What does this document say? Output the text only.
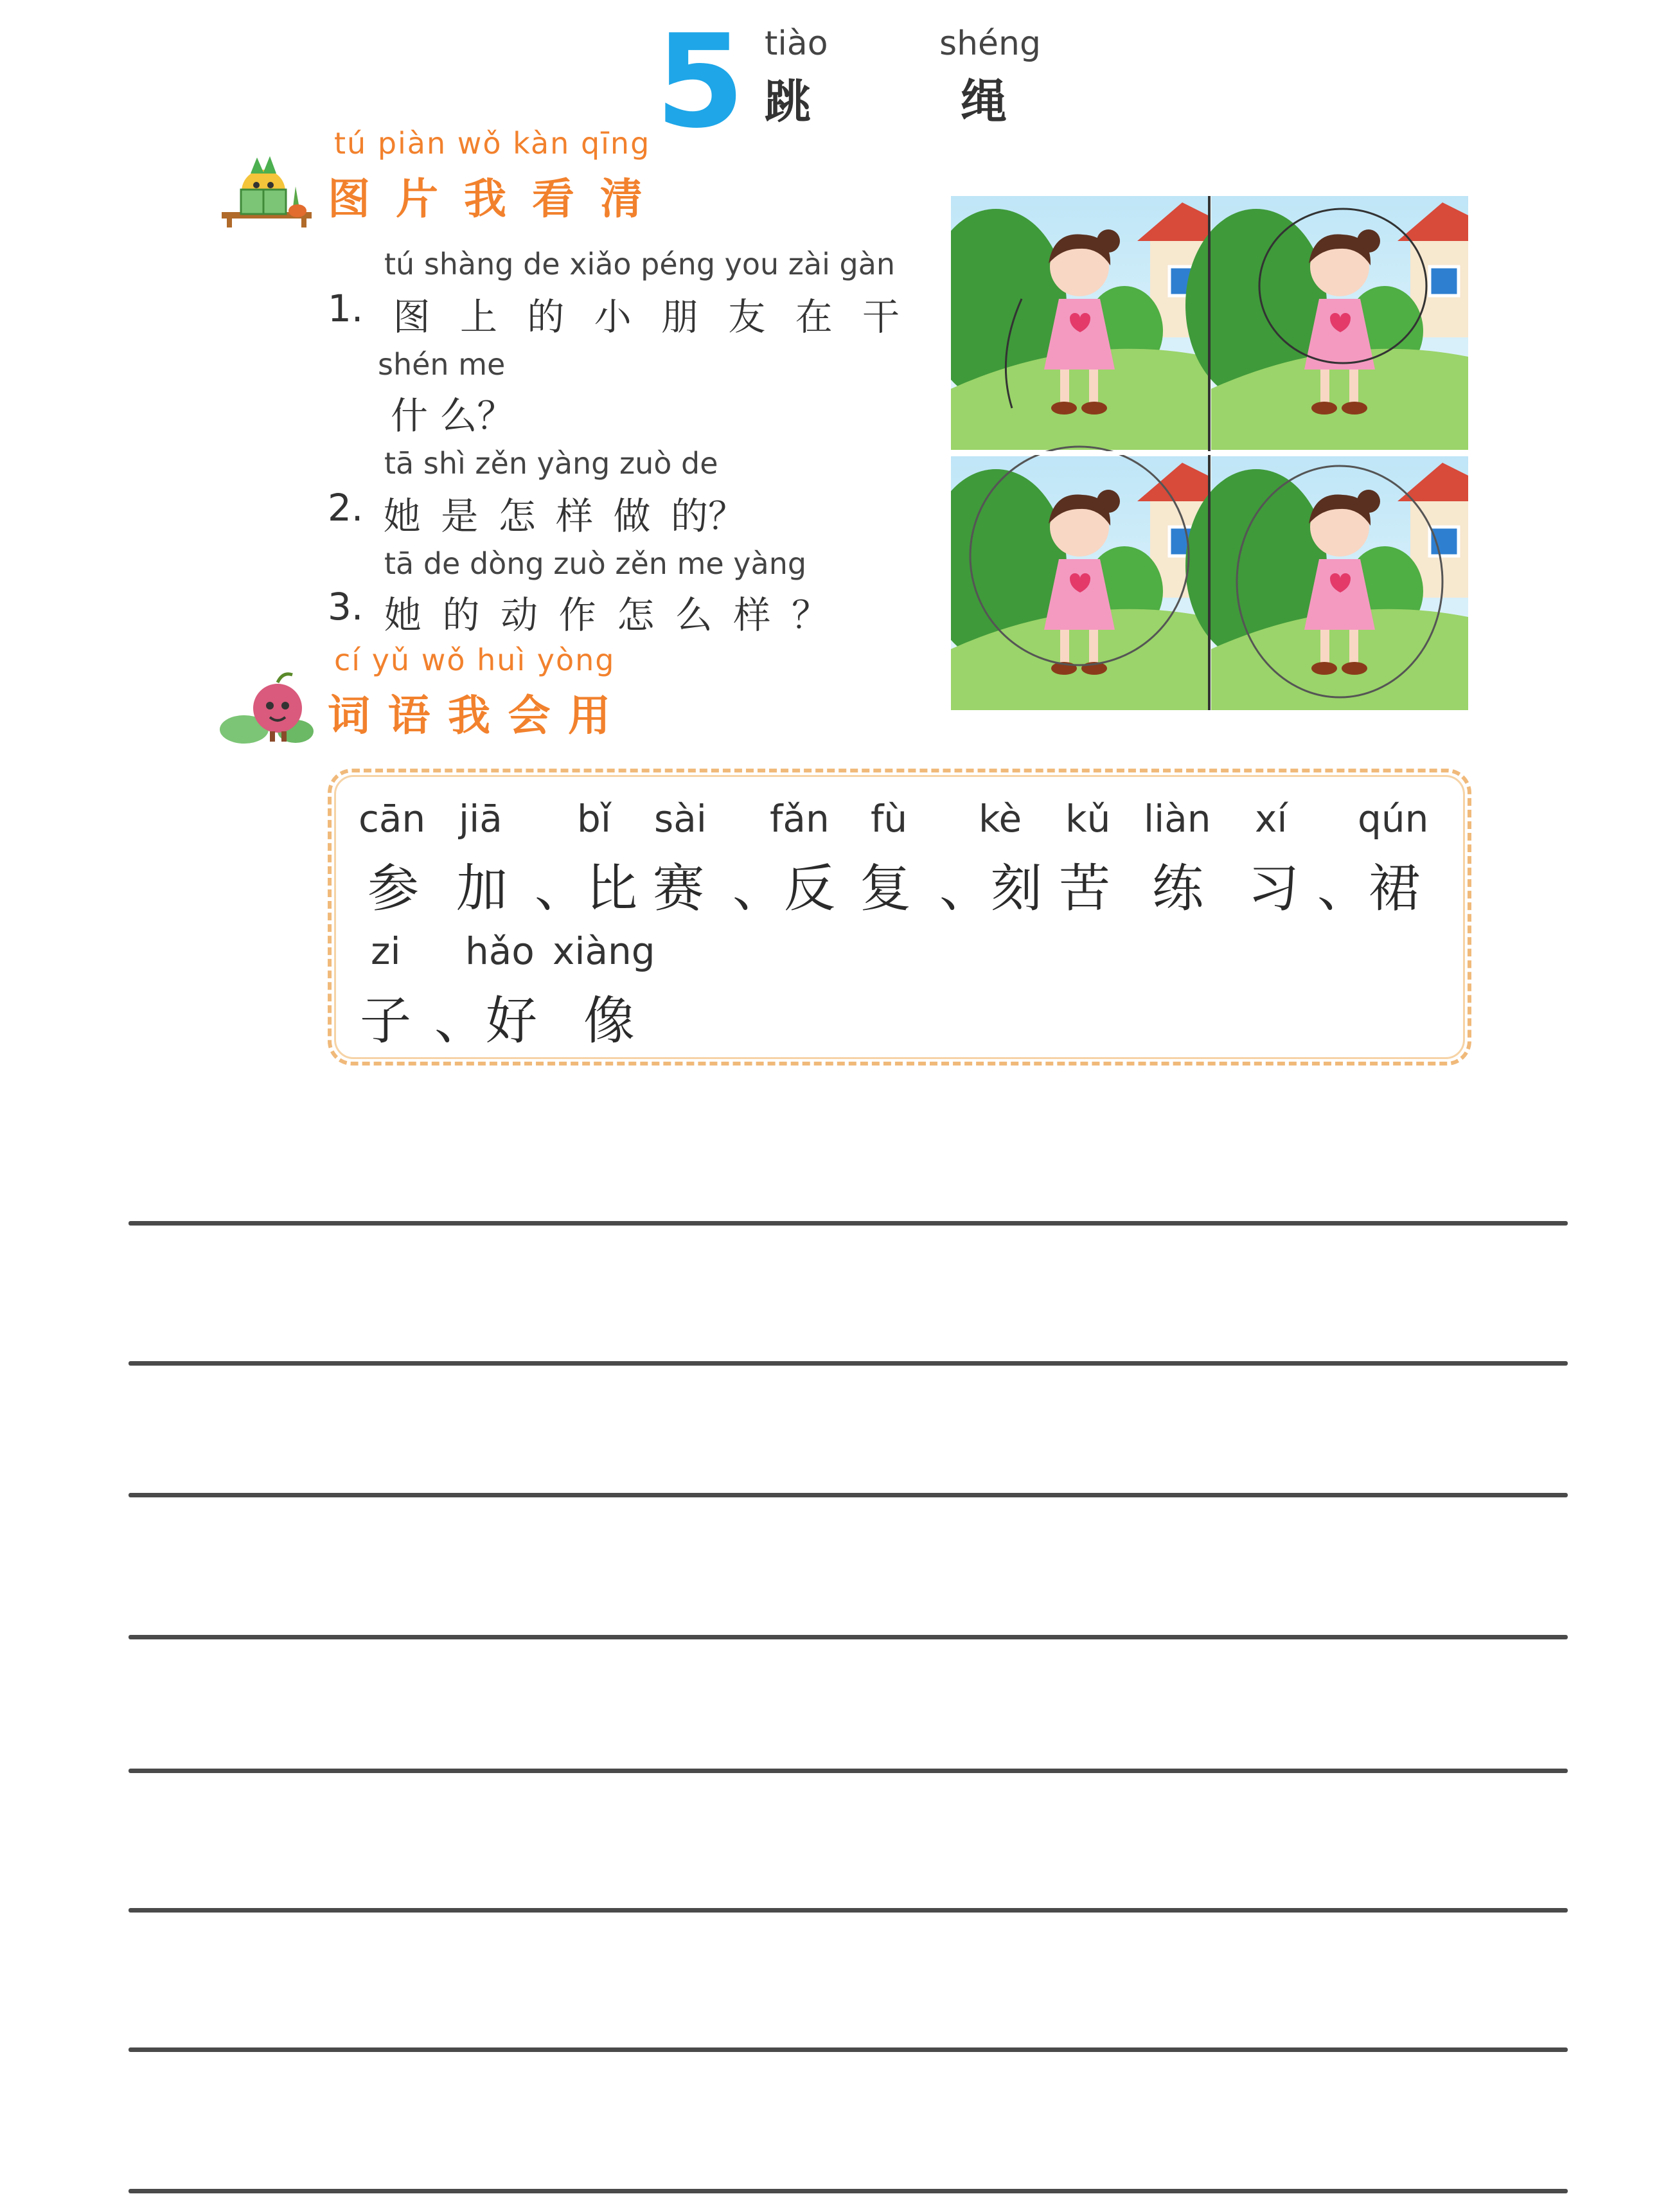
5 tiào
跳
shéng
绳
tú piàn wǒ kàn qīng
图 片 我 看 清
tú shàng de xiǎo péng you zài gàn
1. 图 上 的 小 朋 友 在 干
shén me
什 么？
tā shì zěn yàng zuò de
2. 她 是 怎 样 做 的？
tā de dòng zuò zěn me yàng
3. 她 的 动 作 怎 么 样 ？
cí yǔ wǒ huì yòng
词 语 我 会 用
cān jiā bǐ sài fǎn fù kè kǔ liàn xí qún
参 加 、比 赛 、反 复 、刻 苦 练 习 、裙
zi hǎo xiàng
子 、好 像
